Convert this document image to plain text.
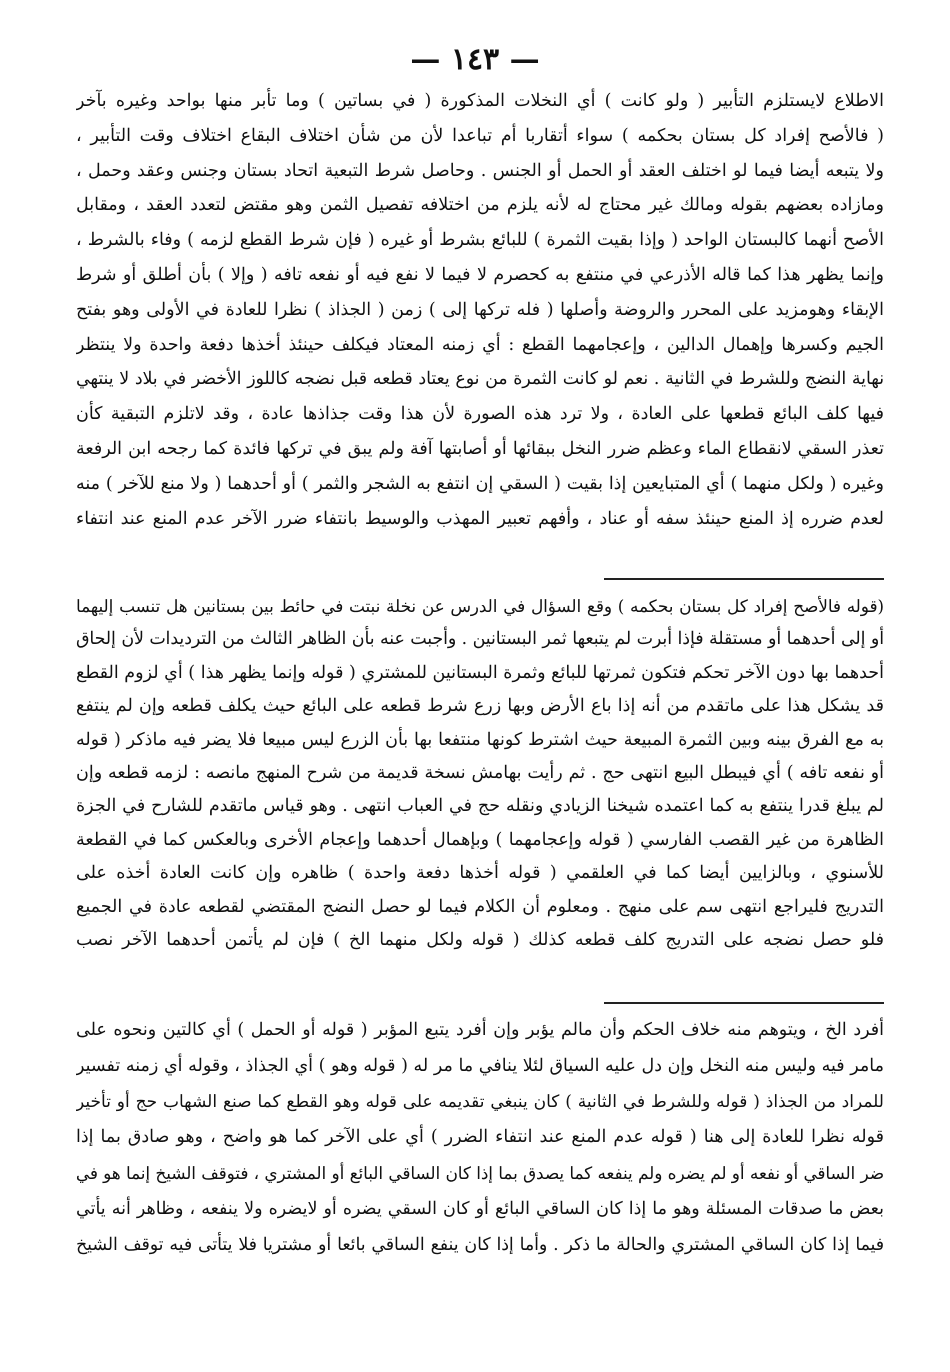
— ١٤٣ —
الاطلاع لايستلزم التأبير ( ولو كانت ) أي النخلات المذكورة ( في بساتين ) وما تأبر منها بواحد وغيره بآخر
( فالأصح إفراد كل بستان بحكمه ) سواء أتقاربا أم تباعدا لأن من شأن اختلاف البقاع اختلاف وقت التأبير ،
ولا يتبعه أيضا فيما لو اختلف العقد أو الحمل أو الجنس . وحاصل شرط التبعية اتحاد بستان وجنس وعقد وحمل ،
ومازاده بعضهم بقوله ومالك غير محتاج له لأنه يلزم من اختلافه تفصيل الثمن وهو مقتض لتعدد العقد ، ومقابل
الأصح أنهما كالبستان الواحد ( وإذا بقيت الثمرة ) للبائع بشرط أو غيره ( فإن شرط القطع لزمه ) وفاء بالشرط ،
وإنما يظهر هذا كما قاله الأذرعي في منتفع به كحصرم لا فيما لا نفع فيه أو نفعه تافه ( وإلا ) بأن أطلق أو شرط
الإبقاء وهومزيد على المحرر والروضة وأصلها ( فله تركها إلى ) زمن ( الجذاذ ) نظرا للعادة في الأولى وهو بفتح
الجيم وكسرها وإهمال الدالين ، وإعجامهما القطع : أي زمنه المعتاد فيكلف حينئذ أخذها دفعة واحدة ولا ينتظر
نهاية النضج وللشرط في الثانية . نعم لو كانت الثمرة من نوع يعتاد قطعه قبل نضجه كاللوز الأخضر في بلاد لا ينتهي
فيها كلف البائع قطعها على العادة ، ولا ترد هذه الصورة لأن هذا وقت جذاذها عادة ، وقد لاتلزم التبقية كأن
تعذر السقي لانقطاع الماء وعظم ضرر النخل ببقائها أو أصابتها آفة ولم يبق في تركها فائدة كما رجحه ابن الرفعة
وغيره ( ولكل منهما ) أي المتبايعين إذا بقيت ( السقي إن انتفع به الشجر والثمر ) أو أحدهما ( ولا منع للآخر ) منه
لعدم ضرره إذ المنع حينئذ سفه أو عناد ، وأفهم تعبير المهذب والوسيط بانتفاء ضرر الآخر عدم المنع عند انتفاء
(قوله فالأصح إفراد كل بستان بحكمه ) وقع السؤال في الدرس عن نخلة نبتت في حائط بين بستانين هل تنسب إليهما
أو إلى أحدهما أو مستقلة فإذا أبرت لم يتبعها ثمر البستانين . وأجبت عنه بأن الظاهر الثالث من الترديدات لأن إلحاق
أحدهما بها دون الآخر تحكم فتكون ثمرتها للبائع وثمرة البستانين للمشتري ( قوله وإنما يظهر هذا ) أي لزوم القطع
قد يشكل هذا على ماتقدم من أنه إذا باع الأرض وبها زرع شرط قطعه على البائع حيث يكلف قطعه وإن لم ينتفع
به مع الفرق بينه وبين الثمرة المبيعة حيث اشترط كونها منتفعا بها بأن الزرع ليس مبيعا فلا يضر فيه ماذكر ( قوله
أو نفعه تافه ) أي فيبطل البيع انتهى حج . ثم رأيت بهامش نسخة قديمة من شرح المنهج مانصه : لزمه قطعه وإن
لم يبلغ قدرا ينتفع به كما اعتمده شيخنا الزيادي ونقله حج في العباب انتهى . وهو قياس ماتقدم للشارح في الجزة
الظاهرة من غير القصب الفارسي ( قوله وإعجامهما ) وبإهمال أحدهما وإعجام الأخرى وبالعكس كما في القطعة
للأسنوي ، وبالزايين أيضا كما في العلقمي ( قوله أخذها دفعة واحدة ) ظاهره وإن كانت العادة أخذه على
التدريج فليراجع انتهى سم على منهج . ومعلوم أن الكلام فيما لو حصل النضج المقتضي لقطعه عادة في الجميع
فلو حصل نضجه على التدريج كلف قطعه كذلك ( قوله ولكل منهما الخ ) فإن لم يأتمن أحدهما الآخر نصب
أفرد الخ ، ويتوهم منه خلاف الحكم وأن مالم يؤبر وإن أفرد يتبع المؤبر ( قوله أو الحمل ) أي كالتين ونحوه على
مامر فيه وليس منه النخل وإن دل عليه السياق لئلا ينافي ما مر له ( قوله وهو ) أي الجذاذ ، وقوله أي زمنه تفسير
للمراد من الجذاذ ( قوله وللشرط في الثانية ) كان ينبغي تقديمه على قوله وهو القطع كما صنع الشهاب حج أو تأخير
قوله نظرا للعادة إلى هنا ( قوله عدم المنع عند انتفاء الضرر ) أي على الآخر كما هو واضح ، وهو صادق بما إذا
ضر الساقي أو نفعه أو لم يضره ولم ينفعه كما يصدق بما إذا كان الساقي البائع أو المشتري ، فتوقف الشيخ إنما هو في
بعض ما صدقات المسئلة وهو ما إذا كان الساقي البائع أو كان السقي يضره أو لايضره ولا ينفعه ، وظاهر أنه يأتي
فيما إذا كان الساقي المشتري والحالة ما ذكر . وأما إذا كان ينفع الساقي بائعا أو مشتريا فلا يتأتى فيه توقف الشيخ
